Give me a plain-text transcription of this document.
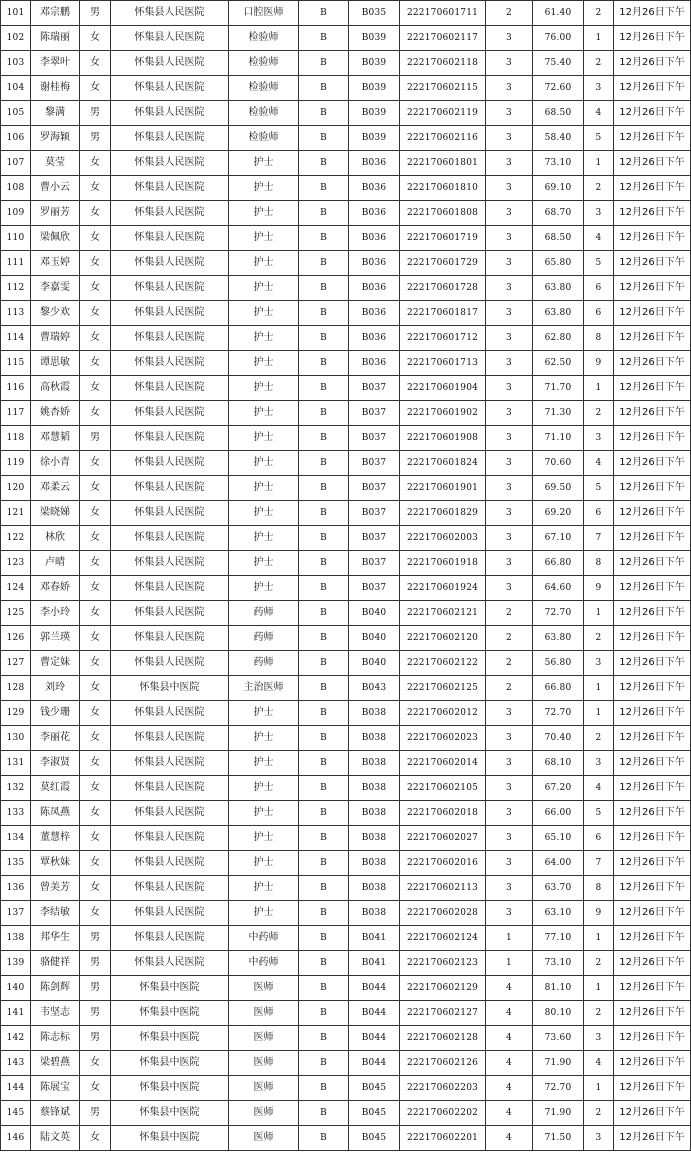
101	邓宗鹏	男	怀集县人民医院	口腔医师	B	B035	222170601711	2	61.40	2	12月26日下午
102	陈瑞丽	女	怀集县人民医院	检验师	B	B039	222170602117	3	76.00	1	12月26日下午
103	李翠叶	女	怀集县人民医院	检验师	B	B039	222170602118	3	75.40	2	12月26日下午
104	谢桂梅	女	怀集县人民医院	检验师	B	B039	222170602115	3	72.60	3	12月26日下午
105	黎满	男	怀集县人民医院	检验师	B	B039	222170602119	3	68.50	4	12月26日下午
106	罗海颖	男	怀集县人民医院	检验师	B	B039	222170602116	3	58.40	5	12月26日下午
107	莫莹	女	怀集县人民医院	护士	B	B036	222170601801	3	73.10	1	12月26日下午
108	曹小云	女	怀集县人民医院	护士	B	B036	222170601810	3	69.10	2	12月26日下午
109	罗丽芳	女	怀集县人民医院	护士	B	B036	222170601808	3	68.70	3	12月26日下午
110	梁佩欣	女	怀集县人民医院	护士	B	B036	222170601719	3	68.50	4	12月26日下午
111	邓玉婷	女	怀集县人民医院	护士	B	B036	222170601729	3	65.80	5	12月26日下午
112	李嘉雯	女	怀集县人民医院	护士	B	B036	222170601728	3	63.80	6	12月26日下午
113	黎少欢	女	怀集县人民医院	护士	B	B036	222170601817	3	63.80	6	12月26日下午
114	曹瑞婷	女	怀集县人民医院	护士	B	B036	222170601712	3	62.80	8	12月26日下午
115	谭思敏	女	怀集县人民医院	护士	B	B036	222170601713	3	62.50	9	12月26日下午
116	高秋霞	女	怀集县人民医院	护士	B	B037	222170601904	3	71.70	1	12月26日下午
117	姚杏娇	女	怀集县人民医院	护士	B	B037	222170601902	3	71.30	2	12月26日下午
118	邓慧韬	男	怀集县人民医院	护士	B	B037	222170601908	3	71.10	3	12月26日下午
119	徐小青	女	怀集县人民医院	护士	B	B037	222170601824	3	70.60	4	12月26日下午
120	邓柔云	女	怀集县人民医院	护士	B	B037	222170601901	3	69.50	5	12月26日下午
121	梁晓娣	女	怀集县人民医院	护士	B	B037	222170601829	3	69.20	6	12月26日下午
122	林欣	女	怀集县人民医院	护士	B	B037	222170602003	3	67.10	7	12月26日下午
123	卢晴	女	怀集县人民医院	护士	B	B037	222170601918	3	66.80	8	12月26日下午
124	邓春娇	女	怀集县人民医院	护士	B	B037	222170601924	3	64.60	9	12月26日下午
125	李小玲	女	怀集县人民医院	药师	B	B040	222170602121	2	72.70	1	12月26日下午
126	郭兰瑛	女	怀集县人民医院	药师	B	B040	222170602120	2	63.80	2	12月26日下午
127	曹定妹	女	怀集县人民医院	药师	B	B040	222170602122	2	56.80	3	12月26日下午
128	刘玲	女	怀集县中医院	主治医师	B	B043	222170602125	2	66.80	1	12月26日下午
129	钱少珊	女	怀集县人民医院	护士	B	B038	222170602012	3	72.70	1	12月26日下午
130	李丽花	女	怀集县人民医院	护士	B	B038	222170602023	3	70.40	2	12月26日下午
131	李淑贤	女	怀集县人民医院	护士	B	B038	222170602014	3	68.10	3	12月26日下午
132	莫红霞	女	怀集县人民医院	护士	B	B038	222170602105	3	67.20	4	12月26日下午
133	陈凤燕	女	怀集县人民医院	护士	B	B038	222170602018	3	66.00	5	12月26日下午
134	董慧梓	女	怀集县人民医院	护士	B	B038	222170602027	3	65.10	6	12月26日下午
135	覃秋妹	女	怀集县人民医院	护士	B	B038	222170602016	3	64.00	7	12月26日下午
136	曾美芳	女	怀集县人民医院	护士	B	B038	222170602113	3	63.70	8	12月26日下午
137	李结敏	女	怀集县人民医院	护士	B	B038	222170602028	3	63.10	9	12月26日下午
138	邦华生	男	怀集县人民医院	中药师	B	B041	222170602124	1	77.10	1	12月26日下午
139	骆健祥	男	怀集县人民医院	中药师	B	B041	222170602123	1	73.10	2	12月26日下午
140	陈剑辉	男	怀集县中医院	医师	B	B044	222170602129	4	81.10	1	12月26日下午
141	韦坚志	男	怀集县中医院	医师	B	B044	222170602127	4	80.10	2	12月26日下午
142	陈志标	男	怀集县中医院	医师	B	B044	222170602128	4	73.60	3	12月26日下午
143	梁碧燕	女	怀集县中医院	医师	B	B044	222170602126	4	71.90	4	12月26日下午
144	陈展宝	女	怀集县中医院	医师	B	B045	222170602203	4	72.70	1	12月26日下午
145	蔡锋斌	男	怀集县中医院	医师	B	B045	222170602202	4	71.90	2	12月26日下午
146	陆文英	女	怀集县中医院	医师	B	B045	222170602201	4	71.50	3	12月26日下午
